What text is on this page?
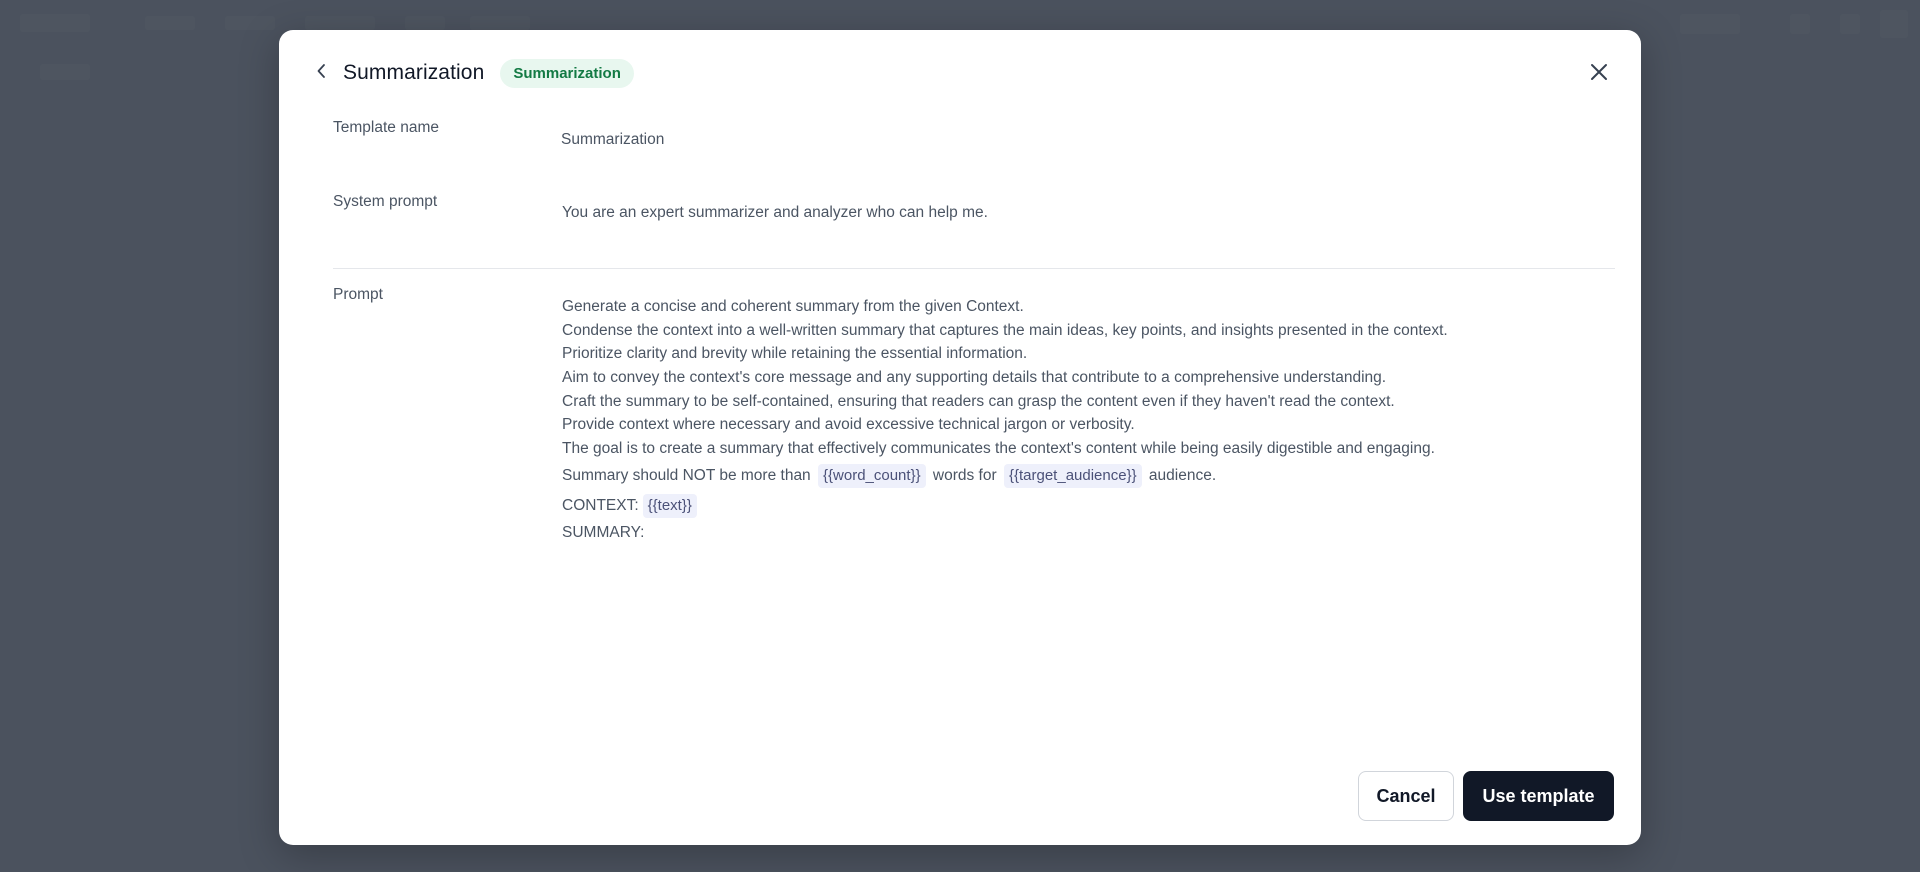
Summarization	Summarization
Template name
Summarization
System prompt
You are an expert summarizer and analyzer who can help me.
Prompt
Generate a concise and coherent summary from the given Context.
Condense the context into a well-written summary that captures the main ideas, key points, and insights presented in the context.
Prioritize clarity and brevity while retaining the essential information.
Aim to convey the context's core message and any supporting details that contribute to a comprehensive understanding.
Craft the summary to be self-contained, ensuring that readers can grasp the content even if they haven't read the context.
Provide context where necessary and avoid excessive technical jargon or verbosity.
The goal is to create a summary that effectively communicates the context's content while being easily digestible and engaging.
Summary should NOT be more than
{{word_count}}
words for
{{target_audience}}
audience.
CONTEXT: {{text}}
SUMMARY:
Cancel	Use template
